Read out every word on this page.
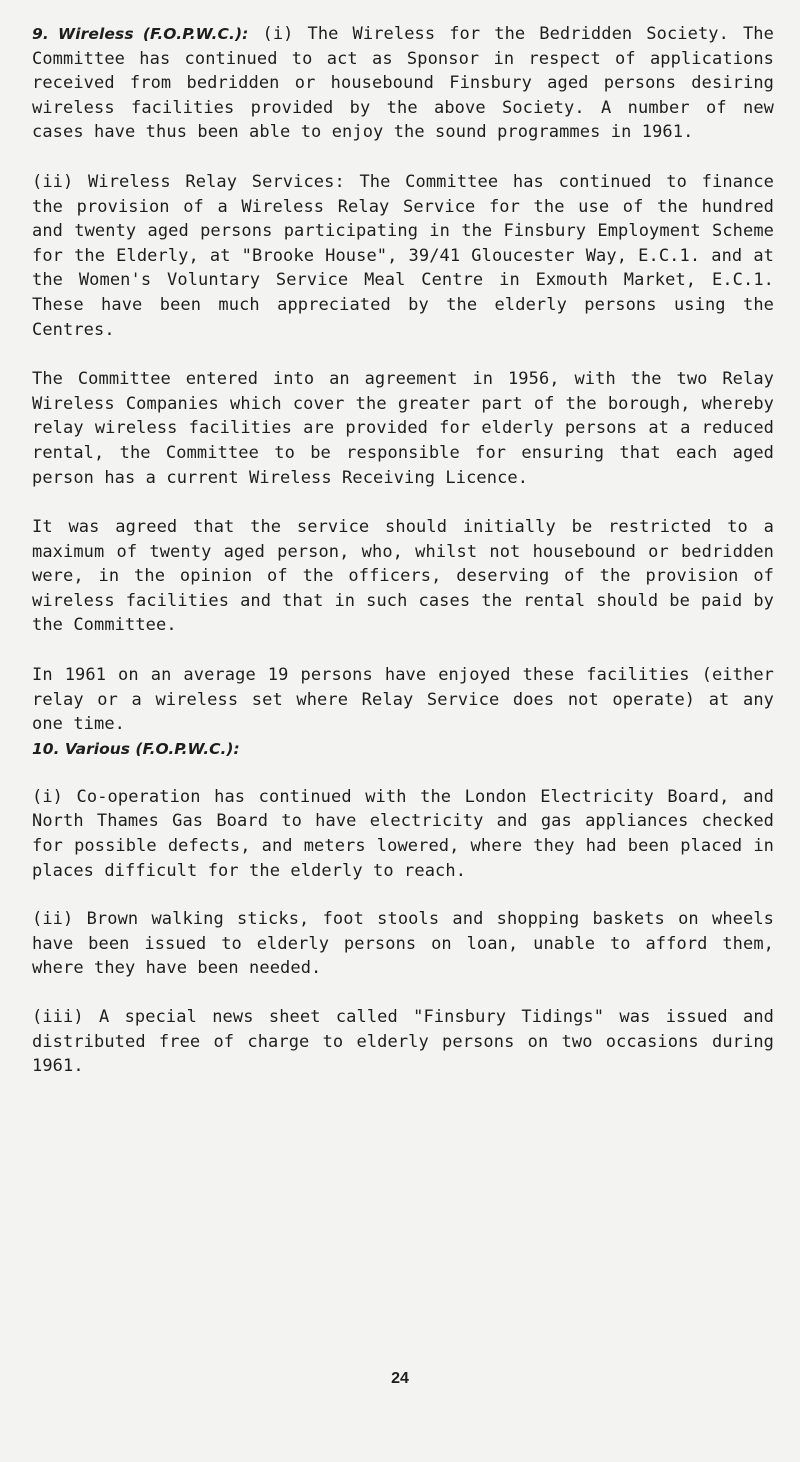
9. Wireless (F.O.P.W.C.): (i) The Wireless for the Bedridden Society. The Committee has continued to act as Sponsor in respect of applications received from bedridden or housebound Finsbury aged persons desiring wireless facilities provided by the above Society. A number of new cases have thus been able to enjoy the sound programmes in 1961.

(ii) Wireless Relay Services: The Committee has continued to finance the provision of a Wireless Relay Service for the use of the hundred and twenty aged persons participating in the Finsbury Employment Scheme for the Elderly, at "Brooke House", 39/41 Gloucester Way, E.C.1. and at the Women's Voluntary Service Meal Centre in Exmouth Market, E.C.1. These have been much appreciated by the elderly persons using the Centres.

The Committee entered into an agreement in 1956, with the two Relay Wireless Companies which cover the greater part of the borough, whereby relay wireless facilities are provided for elderly persons at a reduced rental, the Committee to be responsible for ensuring that each aged person has a current Wireless Receiving Licence.

It was agreed that the service should initially be restricted to a maximum of twenty aged person, who, whilst not housebound or bedridden were, in the opinion of the officers, deserving of the provision of wireless facilities and that in such cases the rental should be paid by the Committee.

In 1961 on an average 19 persons have enjoyed these facilities (either relay or a wireless set where Relay Service does not operate) at any one time.

10. Various (F.O.P.W.C.):

(i) Co-operation has continued with the London Electricity Board, and North Thames Gas Board to have electricity and gas appliances checked for possible defects, and meters lowered, where they had been placed in places difficult for the elderly to reach.

(ii) Brown walking sticks, foot stools and shopping baskets on wheels have been issued to elderly persons on loan, unable to afford them, where they have been needed.

(iii) A special news sheet called "Finsbury Tidings" was issued and distributed free of charge to elderly persons on two occasions during 1961.

24
